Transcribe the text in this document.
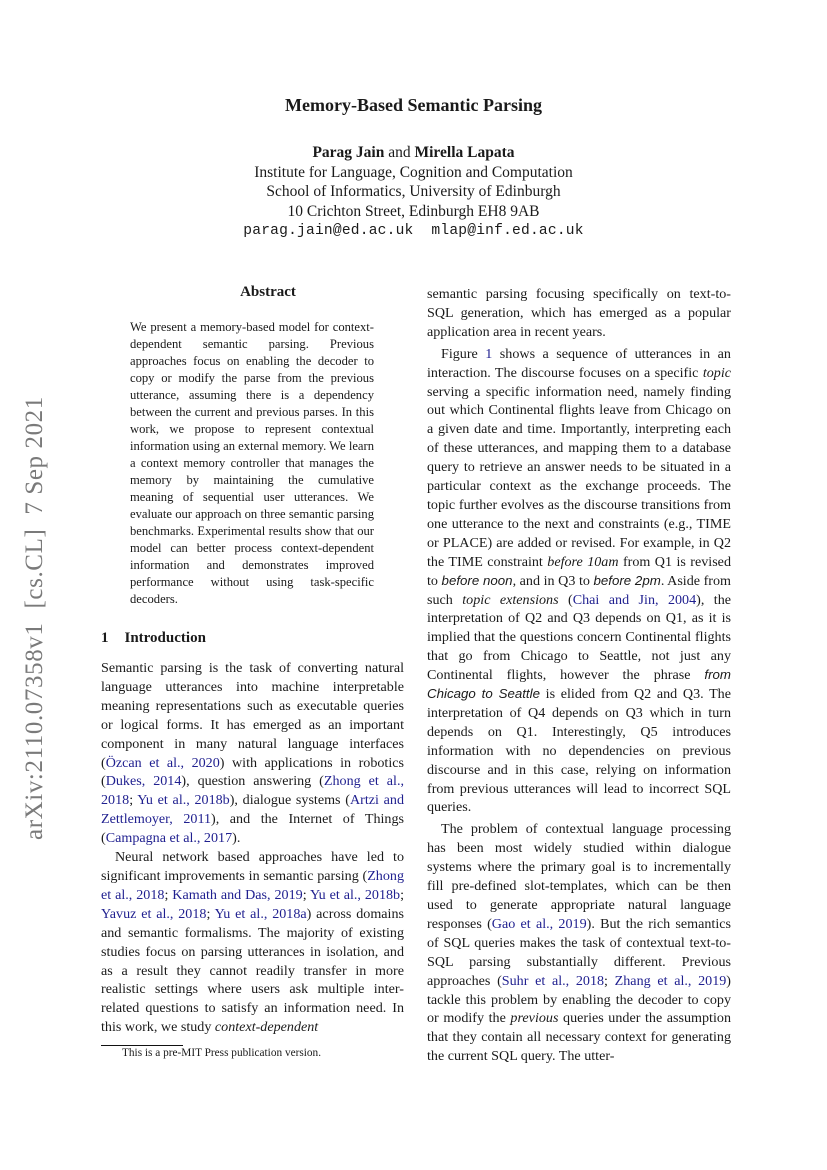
arXiv:2110.07358v1[cs.CL]7 Sep 2021
Memory-Based Semantic Parsing
Parag Jain and Mirella Lapata
Institute for Language, Cognition and Computation
School of Informatics, University of Edinburgh
10 Crichton Street, Edinburgh EH8 9AB
parag.jain@ed.ac.uk mlap@inf.ed.ac.uk
Abstract
We present a memory-based model for context-dependent semantic parsing. Previous approaches focus on enabling the decoder to copy or modify the parse from the previous utterance, assuming there is a dependency between the current and previous parses. In this work, we propose to represent contextual information using an external memory. We learn a context memory controller that manages the memory by maintaining the cumulative meaning of sequential user utterances. We evaluate our approach on three semantic parsing benchmarks. Experimental results show that our model can better process context-dependent information and demonstrates improved performance without using task-specific decoders.
1 Introduction

Semantic parsing is the task of converting natural language utterances into machine interpretable meaning representations such as executable queries or logical forms. It has emerged as an important component in many natural language interfaces (Özcan et al., 2020) with applications in robotics (Dukes, 2014), question answering (Zhong et al., 2018; Yu et al., 2018b), dialogue systems (Artzi and Zettlemoyer, 2011), and the Internet of Things (Campagna et al., 2017).

Neural network based approaches have led to significant improvements in semantic parsing (Zhong et al., 2018; Kamath and Das, 2019; Yu et al., 2018b; Yavuz et al., 2018; Yu et al., 2018a) across domains and semantic formalisms. The majority of existing studies focus on parsing utterances in isolation, and as a result they cannot readily transfer in more realistic settings where users ask multiple inter-related questions to satisfy an information need. In this work, we study context-dependent

semantic parsing focusing specifically on text-to-SQL generation, which has emerged as a popular application area in recent years.

Figure 1 shows a sequence of utterances in an interaction. The discourse focuses on a specific topic serving a specific information need, namely finding out which Continental flights leave from Chicago on a given date and time. Importantly, interpreting each of these utterances, and mapping them to a database query to retrieve an answer needs to be situated in a particular context as the exchange proceeds. The topic further evolves as the discourse transitions from one utterance to the next and constraints (e.g., TIME or PLACE) are added or revised. For example, in Q2 the TIME constraint before 10am from Q1 is revised to before noon, and in Q3 to before 2pm. Aside from such topic extensions (Chai and Jin, 2004), the interpretation of Q2 and Q3 depends on Q1, as it is implied that the questions concern Continental flights that go from Chicago to Seattle, not just any Continental flights, however the phrase from Chicago to Seattle is elided from Q2 and Q3. The interpretation of Q4 depends on Q3 which in turn depends on Q1. Interestingly, Q5 introduces information with no dependencies on previous discourse and in this case, relying on information from previous utterances will lead to incorrect SQL queries.

The problem of contextual language processing has been most widely studied within dialogue systems where the primary goal is to incrementally fill pre-defined slot-templates, which can be then used to generate appropriate natural language responses (Gao et al., 2019). But the rich semantics of SQL queries makes the task of contextual text-to-SQL parsing substantially different. Previous approaches (Suhr et al., 2018; Zhang et al., 2019) tackle this problem by enabling the decoder to copy or modify the previous queries under the assumption that they contain all necessary context for generating the current SQL query. The utter-

This is a pre-MIT Press publication version.
